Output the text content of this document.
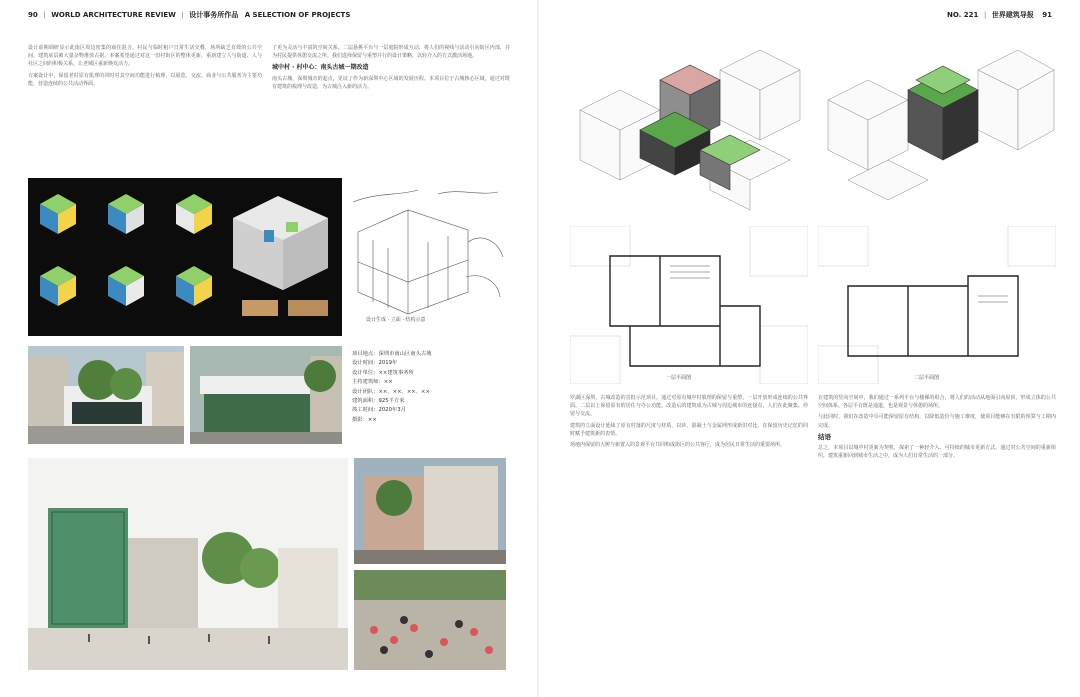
90 | WORLD ARCHITECTURE REVIEW | 设计事务所作品 A SELECTION OF PROJECTS

设计前期调研显示此街区周边密集的商住混合，村民与临时租户日常生活交叠，场所缺乏有效的公共空间，建筑底层被大量杂物堆放占据。本案希望通过对这一旧村街区的整体更新，重新建立人与街道、人与社区之间的积极关系，让老城区重新焕发活力。

方案设计中，保留老村原有肌理的同时对其空间功能进行梳理，以展览、交流、商业与公共服务为主要功能，营造连续的公共活动界面。

了更为灵活与丰富的空间关系。二层悬挑平台与一层庭院形成互动，将人们的视线与活动引向街区内部，并为村民提供休憩交流之所。我们选择保留与重塑并行的设计策略，以轻介入的方式激活场地。

城中村 · 村中心：南头古城一期改造

南头古城，深圳城市的起点，见证了作为新深圳中心区域的发展历程。本项目位于古城核心区域，通过对既有建筑的梳理与改造，为古城注入新的活力。

设计生成 · 立面 · 结构示意
项目地点：深圳市南山区南头古城
设计时间：2019年
设计单位：××建筑事务所
主持建筑师：××
设计团队：××、××、××、××
建筑面积：925平方米
竣工时间：2020年3月
摄影：××
NO. 221 | 世界建筑导报 91
一层平面图	二层平面图

罗湖区深圳，古城改造的首批示范项目。通过对原有城中村肌理的保留与重塑，一层开放形成连续的公共界面，二层以上保留原有的居住与办公功能。改造后的建筑成为古城与周边城市的连接点，人们在此聚集、停留与交流。

建筑的立面设计延续了原有村落的尺度与材质，以砖、混凝土与金属网形成新旧对比，在保留历史记忆的同时赋予建筑新的表情。

场地内保留的大树与新置入的景观平台共同构成街区的公共客厅，成为居民日常生活的重要场所。

在建筑的竖向空间中，我们通过一系列平台与楼梯的组合，将人们的活动从地面引向屋顶，形成立体的公共空间体系。各层平台既是通道，也是观景与休憩的场所。

与此同时，我们在改造中尽可能保留原有结构，以降低造价与施工难度，使项目能够在有限的预算与工期内完成。

结语

总之，本项目以城中村更新为契机，探索了一种轻介入、可持续的城市更新方式。通过对公共空间的重新组织，建筑重新回到城市生活之中，成为人们日常生活的一部分。
